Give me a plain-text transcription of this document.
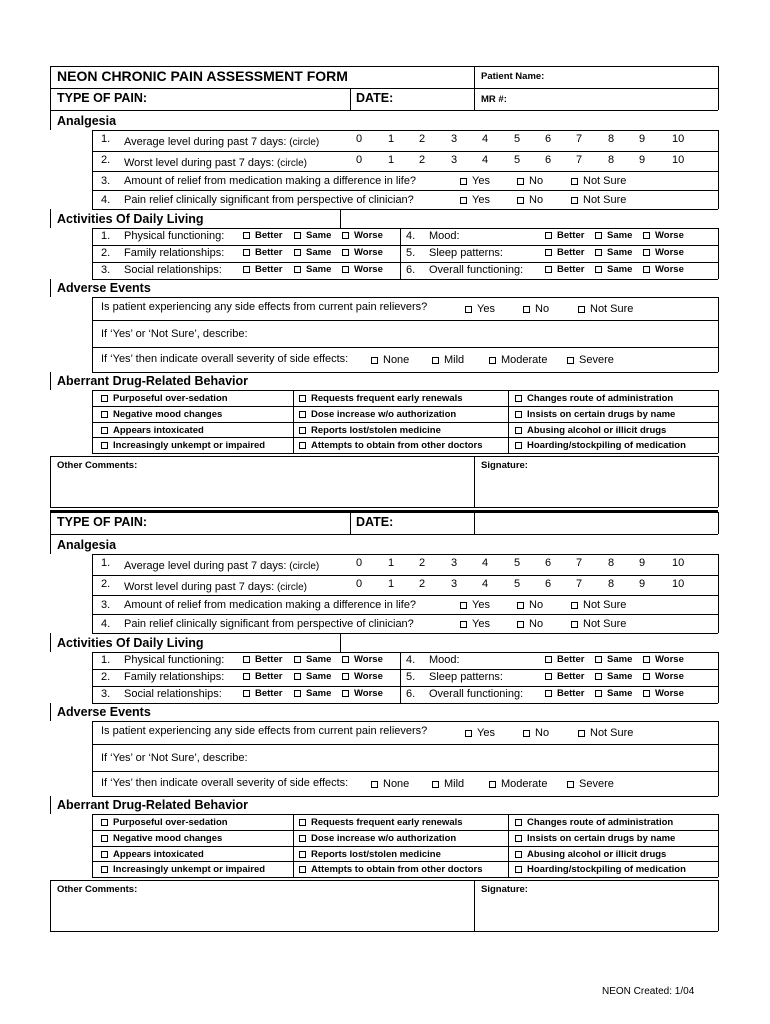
NEON Created: 1/04
NEON CHRONIC PAIN ASSESSMENT FORM	Patient Name:
MR #:
TYPE OF PAIN:	DATE:
Analgesia
1. Average level during past 7 days: (circle)	0 1 2 3 4 5 6 7 8 9 10
2. Worst level during past 7 days: (circle)	0 1 2 3 4 5 6 7 8 9 10
3. Amount of relief from medication making a difference in life?	Yes	No	Not Sure
4. Pain relief clinically significant from perspective of clinician?	Yes	No	Not Sure
Activities Of Daily Living
1. Physical functioning:	Better	Same	Worse 4. Mood:	Better	Same	Worse
2. Family relationships:	Better	Same	Worse 5. Sleep patterns:	Better	Same	Worse
3. Social relationships:	Better	Same	Worse 6. Overall functioning:	Better	Same	Worse
Adverse Events
Is patient experiencing any side effects from current pain relievers?	Yes	No	Not Sure
If ‘Yes’ or ‘Not Sure’, describe:
If ‘Yes’ then indicate overall severity of side effects:	None	Mild	Moderate	Severe
Aberrant Drug-Related Behavior
Purposeful over-sedation	Requests frequent early renewals	Changes route of administration
Negative mood changes	Dose increase w/o authorization	Insists on certain drugs by name
Appears intoxicated	Reports lost/stolen medicine	Abusing alcohol or illicit drugs
Increasingly unkempt or impaired	Attempts to obtain from other doctors	Hoarding/stockpiling of medication
Other Comments:	Signature:
TYPE OF PAIN:	DATE:
Analgesia
1. Average level during past 7 days: (circle)	0 1 2 3 4 5 6 7 8 9 10
2. Worst level during past 7 days: (circle)	0 1 2 3 4 5 6 7 8 9 10
3. Amount of relief from medication making a difference in life?	Yes	No	Not Sure
4. Pain relief clinically significant from perspective of clinician?	Yes	No	Not Sure
Activities Of Daily Living
1. Physical functioning:	Better	Same	Worse 4. Mood:	Better	Same	Worse
2. Family relationships:	Better	Same	Worse 5. Sleep patterns:	Better	Same	Worse
3. Social relationships:	Better	Same	Worse 6. Overall functioning:	Better	Same	Worse
Adverse Events
Is patient experiencing any side effects from current pain relievers?	Yes	No	Not Sure
If ‘Yes’ or ‘Not Sure’, describe:
If ‘Yes’ then indicate overall severity of side effects:	None	Mild	Moderate	Severe
Aberrant Drug-Related Behavior
Purposeful over-sedation	Requests frequent early renewals	Changes route of administration
Negative mood changes	Dose increase w/o authorization	Insists on certain drugs by name
Appears intoxicated	Reports lost/stolen medicine	Abusing alcohol or illicit drugs
Increasingly unkempt or impaired	Attempts to obtain from other doctors	Hoarding/stockpiling of medication
Other Comments:	Signature:
